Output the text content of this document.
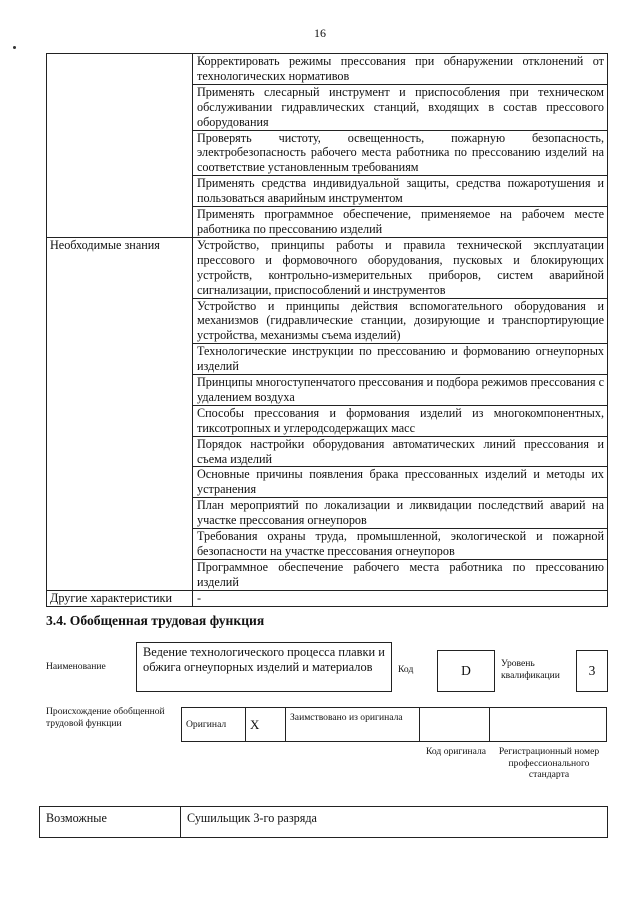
16
	Корректировать режимы прессования при обнаружении отклонений от технологических нормативов
	Применять слесарный инструмент и приспособления при техническом обслуживании гидравлических станций, входящих в состав прессового оборудования
	Проверять чистоту, освещенность, пожарную безопасность, электробезопасность рабочего места работника по прессованию изделий на соответствие установленным требованиям
	Применять средства индивидуальной защиты, средства пожаротушения и пользоваться аварийным инструментом
	Применять программное обеспечение, применяемое на рабочем месте работника по прессованию изделий
Необходимые знания	Устройство, принципы работы и правила технической эксплуатации прессового и формовочного оборудования, пусковых и блокирующих устройств, контрольно-измерительных приборов, систем аварийной сигнализации, приспособлений и инструментов
	Устройство и принципы действия вспомогательного оборудования и механизмов (гидравлические станции, дозирующие и транспортирующие устройства, механизмы съема изделий)
	Технологические инструкции по прессованию и формованию огнеупорных изделий
	Принципы многоступенчатого прессования и подбора режимов прессования с удалением воздуха
	Способы прессования и формования изделий из многокомпонентных, тиксотропных и углеродсодержащих масс
	Порядок настройки оборудования автоматических линий прессования и съема изделий
	Основные причины появления брака прессованных изделий и методы их устранения
	План мероприятий по локализации и ликвидации последствий аварий на участке прессования огнеупоров
	Требования охраны труда, промышленной, экологической и пожарной безопасности на участке прессования огнеупоров
	Программное обеспечение рабочего места работника по прессованию изделий
Другие характеристики	-
3.4. Обобщенная трудовая функция
Наименование
Ведение технологического процесса плавки и обжига огнеупорных изделий и материалов	Код	D	Уровень квалификации	3
Происхождение обобщенной трудовой функции	Оригинал	X	Заимствовано из оригинала		
Код оригинала	Регистрационный номер профессионального стандарта
Возможные	Сушильщик 3-го разряда
